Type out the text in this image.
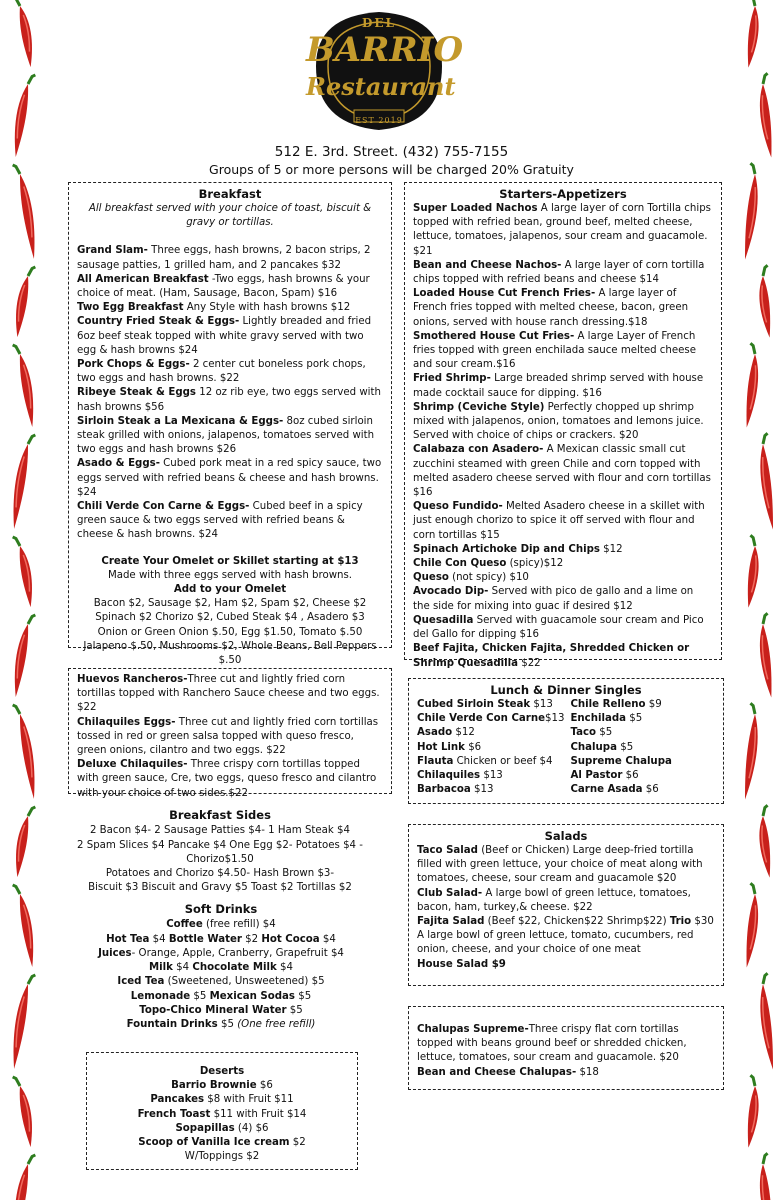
DEL
BARRIO
Restaurant
EST 2019
512 E. 3rd. Street. (432) 755-7155
Groups of 5 or more persons will be charged 20% Gratuity
Breakfast
All breakfast served with your choice of toast, biscuit & gravy or tortillas.
Grand Slam- Three eggs, hash browns, 2 bacon strips, 2 sausage patties, 1 grilled ham, and 2 pancakes $32
All American Breakfast -Two eggs, hash browns & your choice of meat. (Ham, Sausage, Bacon, Spam) $16
Two Egg Breakfast Any Style with hash browns $12
Country Fried Steak & Eggs- Lightly breaded and fried 6oz beef steak topped with white gravy served with two egg & hash browns $24
Pork Chops & Eggs- 2 center cut boneless pork chops, two eggs and hash browns. $22
Ribeye Steak & Eggs 12 oz rib eye, two eggs served with hash browns $56
Sirloin Steak a La Mexicana & Eggs- 8oz cubed sirloin steak grilled with onions, jalapenos, tomatoes served with two eggs and hash browns $26
Asado & Eggs- Cubed pork meat in a red spicy sauce, two eggs served with refried beans & cheese and hash browns. $24
Chili Verde Con Carne & Eggs- Cubed beef in a spicy green sauce & two eggs served with refried beans & cheese & hash browns. $24
Create Your Omelet or Skillet starting at $13
Made with three eggs served with hash browns.
Add to your Omelet
Bacon $2, Sausage $2, Ham $2, Spam $2, Cheese $2
Spinach $2 Chorizo $2, Cubed Steak $4 , Asadero $3
Onion or Green Onion $.50, Egg $1.50, Tomato $.50
Jalapeno $.50, Mushrooms $2, Whole Beans, Bell Peppers $.50
Huevos Rancheros-Three cut and lightly fried corn tortillas topped with Ranchero Sauce cheese and two eggs. $22
Chilaquiles Eggs- Three cut and lightly fried corn tortillas tossed in red or green salsa topped with queso fresco, green onions, cilantro and two eggs. $22
Deluxe Chilaquiles- Three crispy corn tortillas topped with green sauce, Cre, two eggs, queso fresco and cilantro with your choice of two sides.$22
Breakfast Sides
2 Bacon $4- 2 Sausage Patties $4- 1 Ham Steak $4
2 Spam Slices $4 Pancake $4 One Egg $2- Potatoes $4 -Chorizo$1.50
Potatoes and Chorizo $4.50- Hash Brown $3-
Biscuit $3 Biscuit and Gravy $5 Toast $2 Tortillas $2
Soft Drinks
Coffee (free refill) $4
Hot Tea $4 Bottle Water $2 Hot Cocoa $4
Juices- Orange, Apple, Cranberry, Grapefruit $4
Milk $4 Chocolate Milk $4
Iced Tea (Sweetened, Unsweetened) $5
Lemonade $5 Mexican Sodas $5
Topo-Chico Mineral Water $5
Fountain Drinks $5 (One free refill)
Deserts
Barrio Brownie $6
Pancakes $8 with Fruit $11
French Toast $11 with Fruit $14
Sopapillas (4) $6
Scoop of Vanilla Ice cream $2
W/Toppings $2
Starters-Appetizers
Super Loaded Nachos A large layer of corn Tortilla chips topped with refried bean, ground beef, melted cheese, lettuce, tomatoes, jalapenos, sour cream and guacamole. $21
Bean and Cheese Nachos- A large layer of corn tortilla chips topped with refried beans and cheese $14
Loaded House Cut French Fries- A large layer of French fries topped with melted cheese, bacon, green onions, served with house ranch dressing.$18
Smothered House Cut Fries- A large Layer of French fries topped with green enchilada sauce melted cheese and sour cream.$16
Fried Shrimp- Large breaded shrimp served with house made cocktail sauce for dipping. $16
Shrimp (Ceviche Style) Perfectly chopped up shrimp mixed with jalapenos, onion, tomatoes and lemons juice. Served with choice of chips or crackers. $20
Calabaza con Asadero- A Mexican classic small cut zucchini steamed with green Chile and corn topped with melted asadero cheese served with flour and corn tortillas $16
Queso Fundido- Melted Asadero cheese in a skillet with just enough chorizo to spice it off served with flour and corn tortillas $15
Spinach Artichoke Dip and Chips $12
Chile Con Queso (spicy)$12
Queso (not spicy) $10
Avocado Dip- Served with pico de gallo and a lime on the side for mixing into guac if desired $12
Quesadilla Served with guacamole sour cream and Pico del Gallo for dipping $16
Beef Fajita, Chicken Fajita, Shredded Chicken or Shrimp Quesadilla $22
Lunch & Dinner Singles
Cubed Sirloin Steak $13	Chile Relleno $9
Chile Verde Con Carne$13 Enchilada $5
Asado $12	Taco $5
Hot Link $6	Chalupa $5
Flauta Chicken or beef $4	Supreme Chalupa
Chilaquiles $13	Al Pastor $6
Barbacoa $13	Carne Asada $6
Salads
Taco Salad (Beef or Chicken) Large deep-fried tortilla filled with green lettuce, your choice of meat along with tomatoes, cheese, sour cream and guacamole $20
Club Salad- A large bowl of green lettuce, tomatoes, bacon, ham, turkey,& cheese. $22
Fajita Salad (Beef $22, Chicken$22 Shrimp$22) Trio $30 A large bowl of green lettuce, tomato, cucumbers, red onion, cheese, and your choice of one meat
House Salad $9
Chalupas Supreme-Three crispy flat corn tortillas topped with beans ground beef or shredded chicken, lettuce, tomatoes, sour cream and guacamole. $20
Bean and Cheese Chalupas- $18
